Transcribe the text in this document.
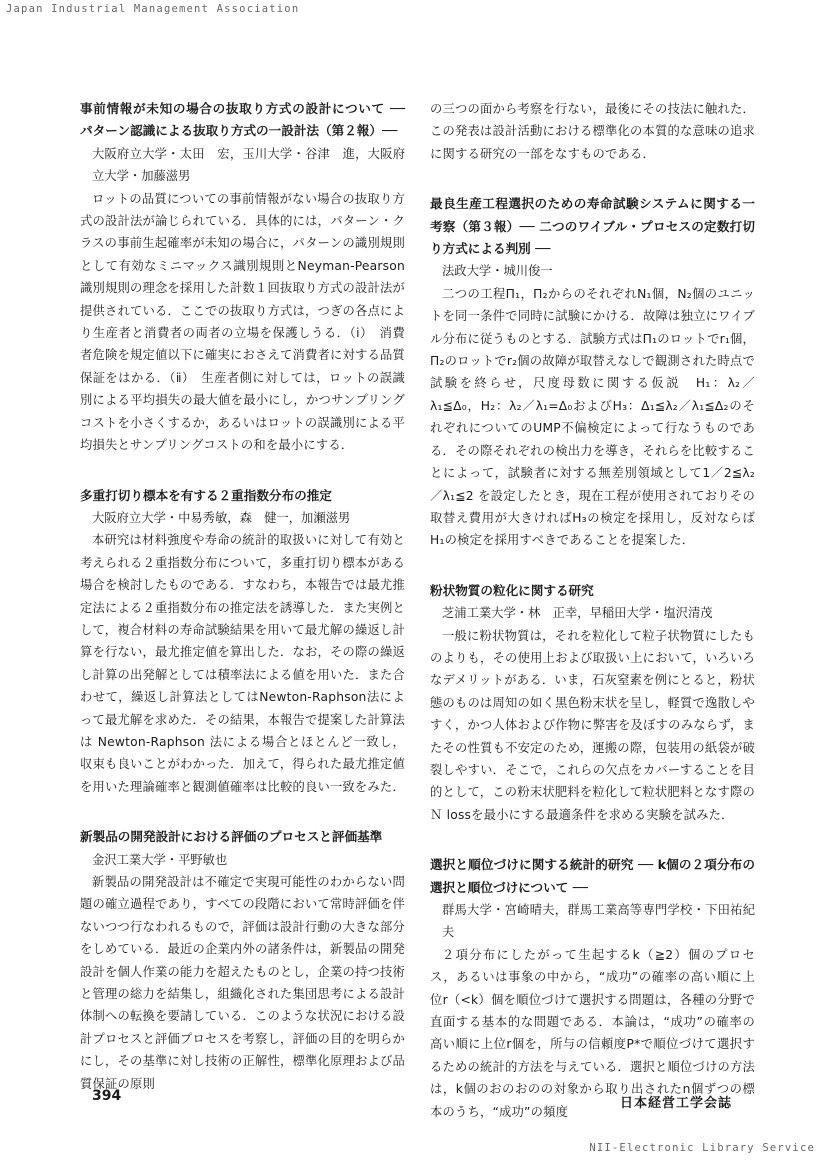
Japan Industrial Management Association

事前情報が未知の場合の抜取り方式の設計について ── パターン認識による抜取り方式の一設計法（第２報）──

大阪府立大学・太田　宏，玉川大学・谷津　進，大阪府立大学・加藤滋男

ロットの品質についての事前情報がない場合の抜取り方式の設計法が論じられている．具体的には，パターン・クラスの事前生起確率が未知の場合に，パターンの識別規則として有効なミニマックス識別規則とNeyman-Pearson 識別規則の理念を採用した計数１回抜取り方式の設計法が提供されている．ここでの抜取り方式は，つぎの各点により生産者と消費者の両者の立場を保護しうる．（ⅰ）　消費者危険を規定値以下に確実におさえて消費者に対する品質保証をはかる．（ⅱ）　生産者側に対しては，ロットの誤識別による平均損失の最大値を最小にし，かつサンプリングコストを小さくするか，あるいはロットの誤識別による平均損失とサンプリングコストの和を最小にする．

多重打切り標本を有する２重指数分布の推定

大阪府立大学・中易秀敏，森　健一，加瀬滋男

本研究は材料強度や寿命の統計的取扱いに対して有効と考えられる２重指数分布について，多重打切り標本がある場合を検討したものである．すなわち，本報告では最尤推定法による２重指数分布の推定法を誘導した．また実例として，複合材料の寿命試験結果を用いて最尤解の繰返し計算を行ない，最尤推定値を算出した．なお，その際の繰返し計算の出発解としては積率法による値を用いた．また合わせて，繰返し計算法としてはNewton-Raphson法によって最尤解を求めた．その結果，本報告で提案した計算法は Newton-Raphson 法による場合とほとんど一致し，収束も良いことがわかった．加えて，得られた最尤推定値を用いた理論確率と観測値確率は比較的良い一致をみた．

新製品の開発設計における評価のプロセスと評価基準

金沢工業大学・平野敏也

新製品の開発設計は不確定で実現可能性のわからない問題の確立過程であり，すべての段階において常時評価を伴ないつつ行なわれるもので，評価は設計行動の大きな部分をしめている．最近の企業内外の諸条件は，新製品の開発設計を個人作業の能力を超えたものとし，企業の持つ技術と管理の総力を結集し，組織化された集団思考による設計体制への転換を要請している．このような状況における設計プロセスと評価プロセスを考察し，評価の目的を明らかにし，その基準に対し技術の正解性，標準化原理および品質保証の原則

の三つの面から考察を行ない，最後にその技法に触れた．この発表は設計活動における標準化の本質的な意味の追求に関する研究の一部をなすものである．

最良生産工程選択のための寿命試験システムに関する一考察（第３報）── 二つのワイブル・プロセスの定数打切り方式による判別 ──

法政大学・城川俊一

二つの工程Π₁，Π₂からのそれぞれN₁個，N₂個のユニットを同一条件で同時に試験にかける．故障は独立にワイブル分布に従うものとする．試験方式はΠ₁のロットでr₁個，Π₂のロットでr₂個の故障が取替えなしで観測された時点で試験を終らせ，尺度母数に関する仮説　H₁：λ₂／λ₁≦Δ₀，H₂：λ₂／λ₁=Δ₀およびH₃：Δ₁≦λ₂／λ₁≦Δ₂のそれぞれについてのUMP不偏検定によって行なうものである．その際それぞれの検出力を導き，それらを比較することによって，試験者に対する無差別領域として1／2≦λ₂／λ₁≦2 を設定したとき，現在工程が使用されておりその取替え費用が大きければH₃の検定を採用し，反対ならばH₁の検定を採用すべきであることを提案した．

粉状物質の粒化に関する研究

芝浦工業大学・林　正幸，早稲田大学・塩沢清茂

一般に粉状物質は，それを粒化して粒子状物質にしたものよりも，その使用上および取扱い上において，いろいろなデメリットがある．いま，石灰窒素を例にとると，粉状態のものは周知の如く黒色粉末状を呈し，軽質で逸散しやすく，かつ人体および作物に弊害を及ぼすのみならず，またその性質も不安定のため，運搬の際，包装用の紙袋が破裂しやすい．そこで，これらの欠点をカバーすることを目的として，この粉末状肥料を粒化して粒状肥料となす際のＮ lossを最小にする最適条件を求める実験を試みた．

選択と順位づけに関する統計的研究 ── k個の２項分布の選択と順位づけについて ──

群馬大学・宮崎晴夫，群馬工業高等専門学校・下田祐紀夫

２項分布にしたがって生起するk（≧2）個のプロセス，あるいは事象の中から，“成功”の確率の高い順に上位r（<k）個を順位づけて選択する問題は，各種の分野で直面する基本的な問題である．本論は，“成功”の確率の高い順に上位r個を，所与の信頼度P*で順位づけて選択するための統計的方法を与えている．選択と順位づけの方法は，k個のおのおのの対象から取り出されたn個ずつの標本のうち，“成功”の頻度

394	日本経営工学会誌
NII-Electronic Library Service
